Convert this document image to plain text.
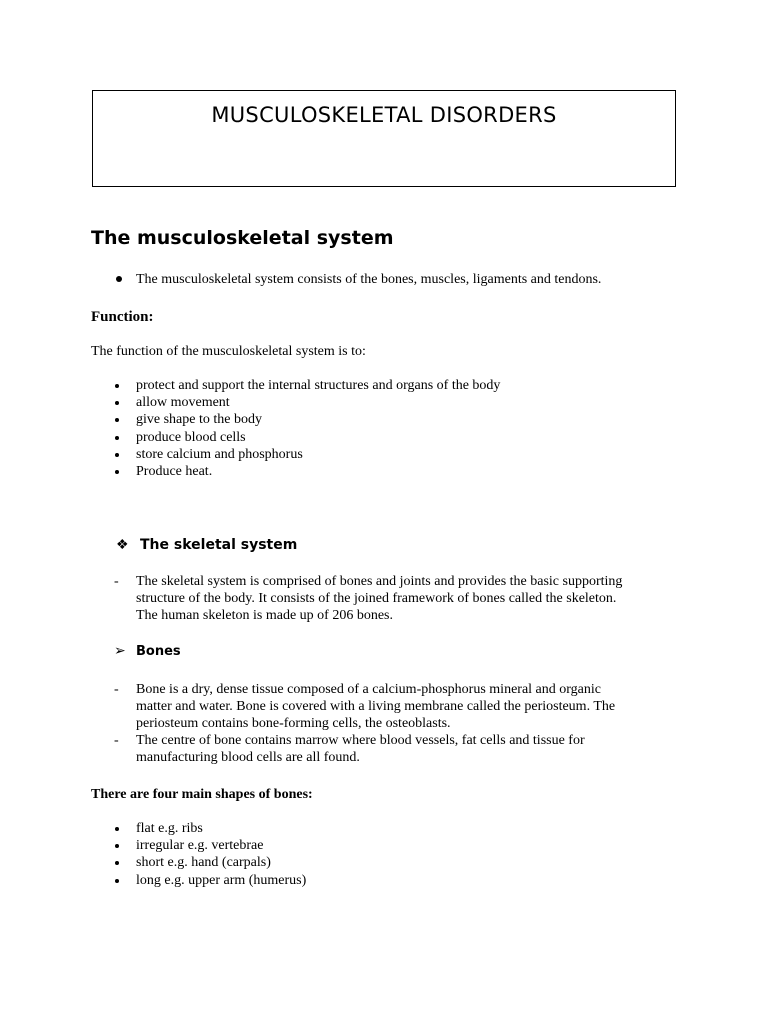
MUSCULOSKELETAL DISORDERS
The musculoskeletal system
The musculoskeletal system consists of the bones, muscles, ligaments and tendons.
Function:
The function of the musculoskeletal system is to:
protect and support the internal structures and organs of the body
allow movement
give shape to the body
produce blood cells
store calcium and phosphorus
Produce heat.
❖ The skeletal system
- The skeletal system is comprised of bones and joints and provides the basic supporting
structure of the body. It consists of the joined framework of bones called the skeleton.
The human skeleton is made up of 206 bones.
➢ Bones
- Bone is a dry, dense tissue composed of a calcium-phosphorus mineral and organic
matter and water. Bone is covered with a living membrane called the periosteum. The
periosteum contains bone-forming cells, the osteoblasts.
- The centre of bone contains marrow where blood vessels, fat cells and tissue for
manufacturing blood cells are all found.
There are four main shapes of bones:
flat e.g. ribs
irregular e.g. vertebrae
short e.g. hand (carpals)
long e.g. upper arm (humerus)
